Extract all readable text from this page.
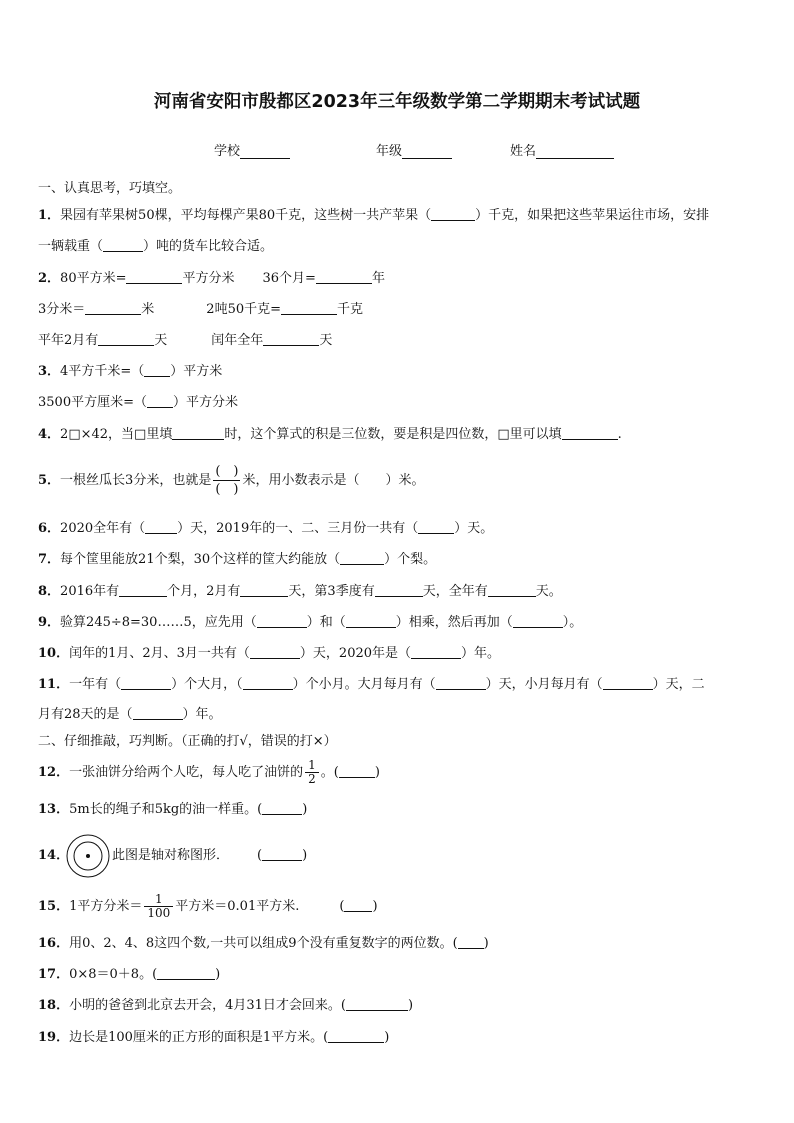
河南省安阳市殷都区2023年三年级数学第二学期期末考试试题
学校	年级	姓名
一、认真思考，巧填空。
1．果园有苹果树50棵，平均每棵产果80千克，这些树一共产苹果（	）千克，如果把这些苹果运往市场，安排
一辆载重（	）吨的货车比较合适。
2．80平方米=	平方分米 36个月=	年
3分米＝	米	2吨50千克=	千克
平年2月有	天	闰年全年	天
3．4平方千米=（ ）平方米
3500平方厘米=（ ）平方分米
4．2□×42，当□里填	时，这个算式的积是三位数，要是积是四位数，□里可以填	.
5．一根丝瓜长3分米，也就是 $\frac{( )}{( )}$ 米，用小数表示是（　　）米。
6．2020全年有（ ）天，2019年的一、二、三月份一共有（	）天。
7．每个筐里能放21个梨，30个这样的筐大约能放（	）个梨。
8．2016年有	个月，2月有	天，第3季度有	天，全年有	天。
9．验算245÷8=30……5，应先用（	）和（	）相乘，然后再加（	）。
10．闰年的1月、2月、3月一共有（	）天，2020年是（	）年。
11．一年有（	）个大月，（	）个小月。大月每月有（	）天，小月每月有（	）天，二
月有28天的是（	）年。
二、仔细推敲，巧判断。（正确的打√，错误的打×）
12．一张油饼分给两个人吃，每人吃了油饼的 $\frac{1}{2}$ 。(	)
13．5m长的绳子和5kg的油一样重。(	)
14．	此图是轴对称图形． (	)
15．1平方分米＝ $\frac{1}{100}$ 平方米＝0.01平方米.	( )
16．用0、2、4、8这四个数,一共可以组成9个没有重复数字的两位数。( )
17．0×8＝0＋8。(	)
18．小明的爸爸到北京去开会，4月31日才会回来。(	)
19．边长是100厘米的正方形的面积是1平方米。(	)
